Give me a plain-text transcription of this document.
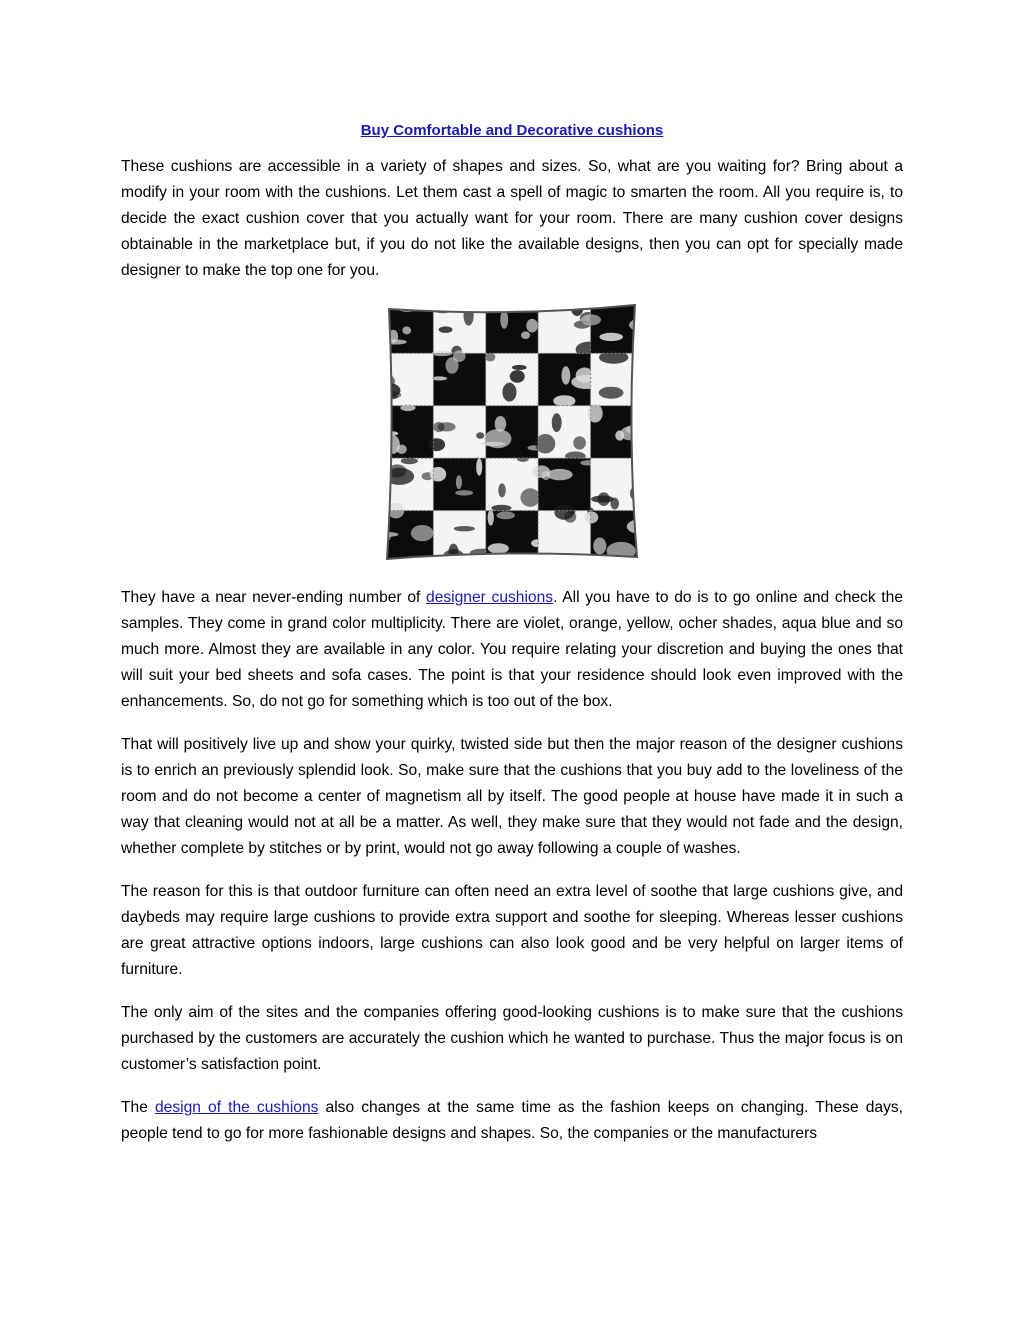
Buy Comfortable and Decorative cushions

These cushions are accessible in a variety of shapes and sizes. So, what are you waiting for? Bring about a modify in your room with the cushions. Let them cast a spell of magic to smarten the room. All you require is, to decide the exact cushion cover that you actually want for your room. There are many cushion cover designs obtainable in the marketplace but, if you do not like the available designs, then you can opt for specially made designer to make the top one for you.

They have a near never-ending number of designer cushions. All you have to do is to go online and check the samples. They come in grand color multiplicity. There are violet, orange, yellow, ocher shades, aqua blue and so much more. Almost they are available in any color. You require relating your discretion and buying the ones that will suit your bed sheets and sofa cases. The point is that your residence should look even improved with the enhancements. So, do not go for something which is too out of the box.

That will positively live up and show your quirky, twisted side but then the major reason of the designer cushions is to enrich an previously splendid look. So, make sure that the cushions that you buy add to the loveliness of the room and do not become a center of magnetism all by itself. The good people at house have made it in such a way that cleaning would not at all be a matter. As well, they make sure that they would not fade and the design, whether complete by stitches or by print, would not go away following a couple of washes.

The reason for this is that outdoor furniture can often need an extra level of soothe that large cushions give, and daybeds may require large cushions to provide extra support and soothe for sleeping. Whereas lesser cushions are great attractive options indoors, large cushions can also look good and be very helpful on larger items of furniture.

The only aim of the sites and the companies offering good-looking cushions is to make sure that the cushions purchased by the customers are accurately the cushion which he wanted to purchase. Thus the major focus is on customer’s satisfaction point.

The design of the cushions also changes at the same time as the fashion keeps on changing. These days, people tend to go for more fashionable designs and shapes. So, the companies or the manufacturers
